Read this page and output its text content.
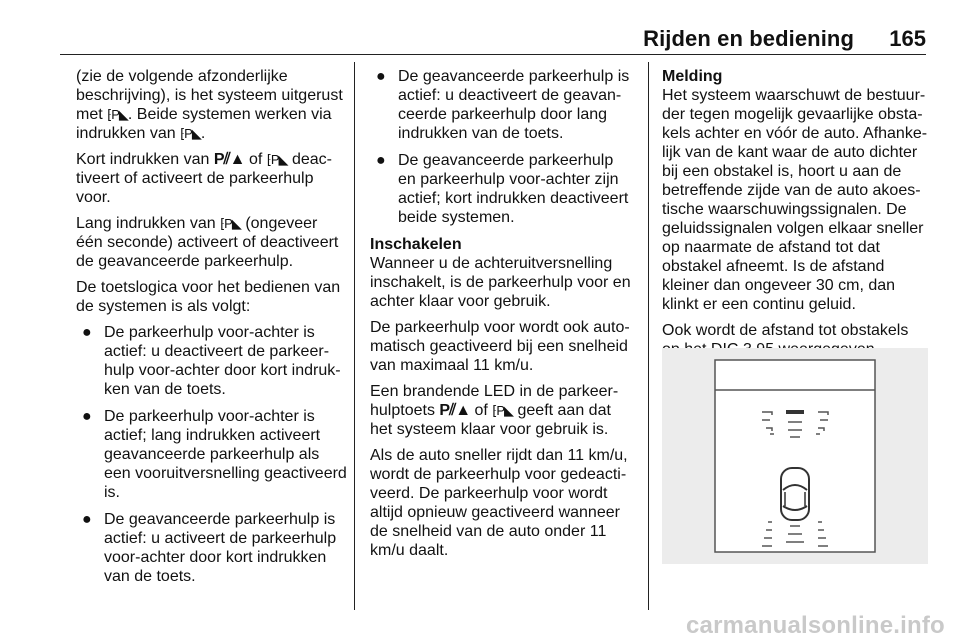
Rijden en bediening 165

(zie de volgende afzonderlijke beschrijving), is het systeem uitgerust met ⁅P◣. Beide systemen werken via indrukken van ⁅P◣.

Kort indrukken van P⫽▲ of ⁅P◣ deactiveert of activeert de parkeerhulp voor.

Lang indrukken van ⁅P◣ (ongeveer één seconde) activeert of deactiveert de geavanceerde parkeerhulp.

De toetslogica voor het bedienen van de systemen is als volgt:

● De parkeerhulp voor-achter is actief: u deactiveert de parkeerhulp voor-achter door kort indrukken van de toets.
● De parkeerhulp voor-achter is actief; lang indrukken activeert geavanceerde parkeerhulp als een vooruitversnelling geactiveerd is.
● De geavanceerde parkeerhulp is actief: u activeert de parkeerhulp voor-achter door kort indrukken van de toets.
● De geavanceerde parkeerhulp is actief: u deactiveert de geavanceerde parkeerhulp door lang indrukken van de toets.
● De geavanceerde parkeerhulp en parkeerhulp voor-achter zijn actief; kort indrukken deactiveert beide systemen.
Inschakelen

Wanneer u de achteruitversnelling inschakelt, is de parkeerhulp voor en achter klaar voor gebruik.

De parkeerhulp voor wordt ook automatisch geactiveerd bij een snelheid van maximaal 11 km/u.

Een brandende LED in de parkeerhulptoets P⫽▲ of ⁅P◣ geeft aan dat het systeem klaar voor gebruik is.

Als de auto sneller rijdt dan 11 km/u, wordt de parkeerhulp voor gedeactiveerd. De parkeerhulp voor wordt altijd opnieuw geactiveerd wanneer de snelheid van de auto onder 11 km/u daalt.

Melding

Het systeem waarschuwt de bestuurder tegen mogelijk gevaarlijke obstakels achter en vóór de auto. Afhankelijk van de kant waar de auto dichter bij een obstakel is, hoort u aan de betreffende zijde van de auto akoestische waarschuwingssignalen. De geluidssignalen volgen elkaar sneller op naarmate de afstand tot dat obstakel afneemt. Is de afstand kleiner dan ongeveer 30 cm, dan klinkt er een continu geluid.

Ook wordt de afstand tot obstakels

carmanualsonline.info
